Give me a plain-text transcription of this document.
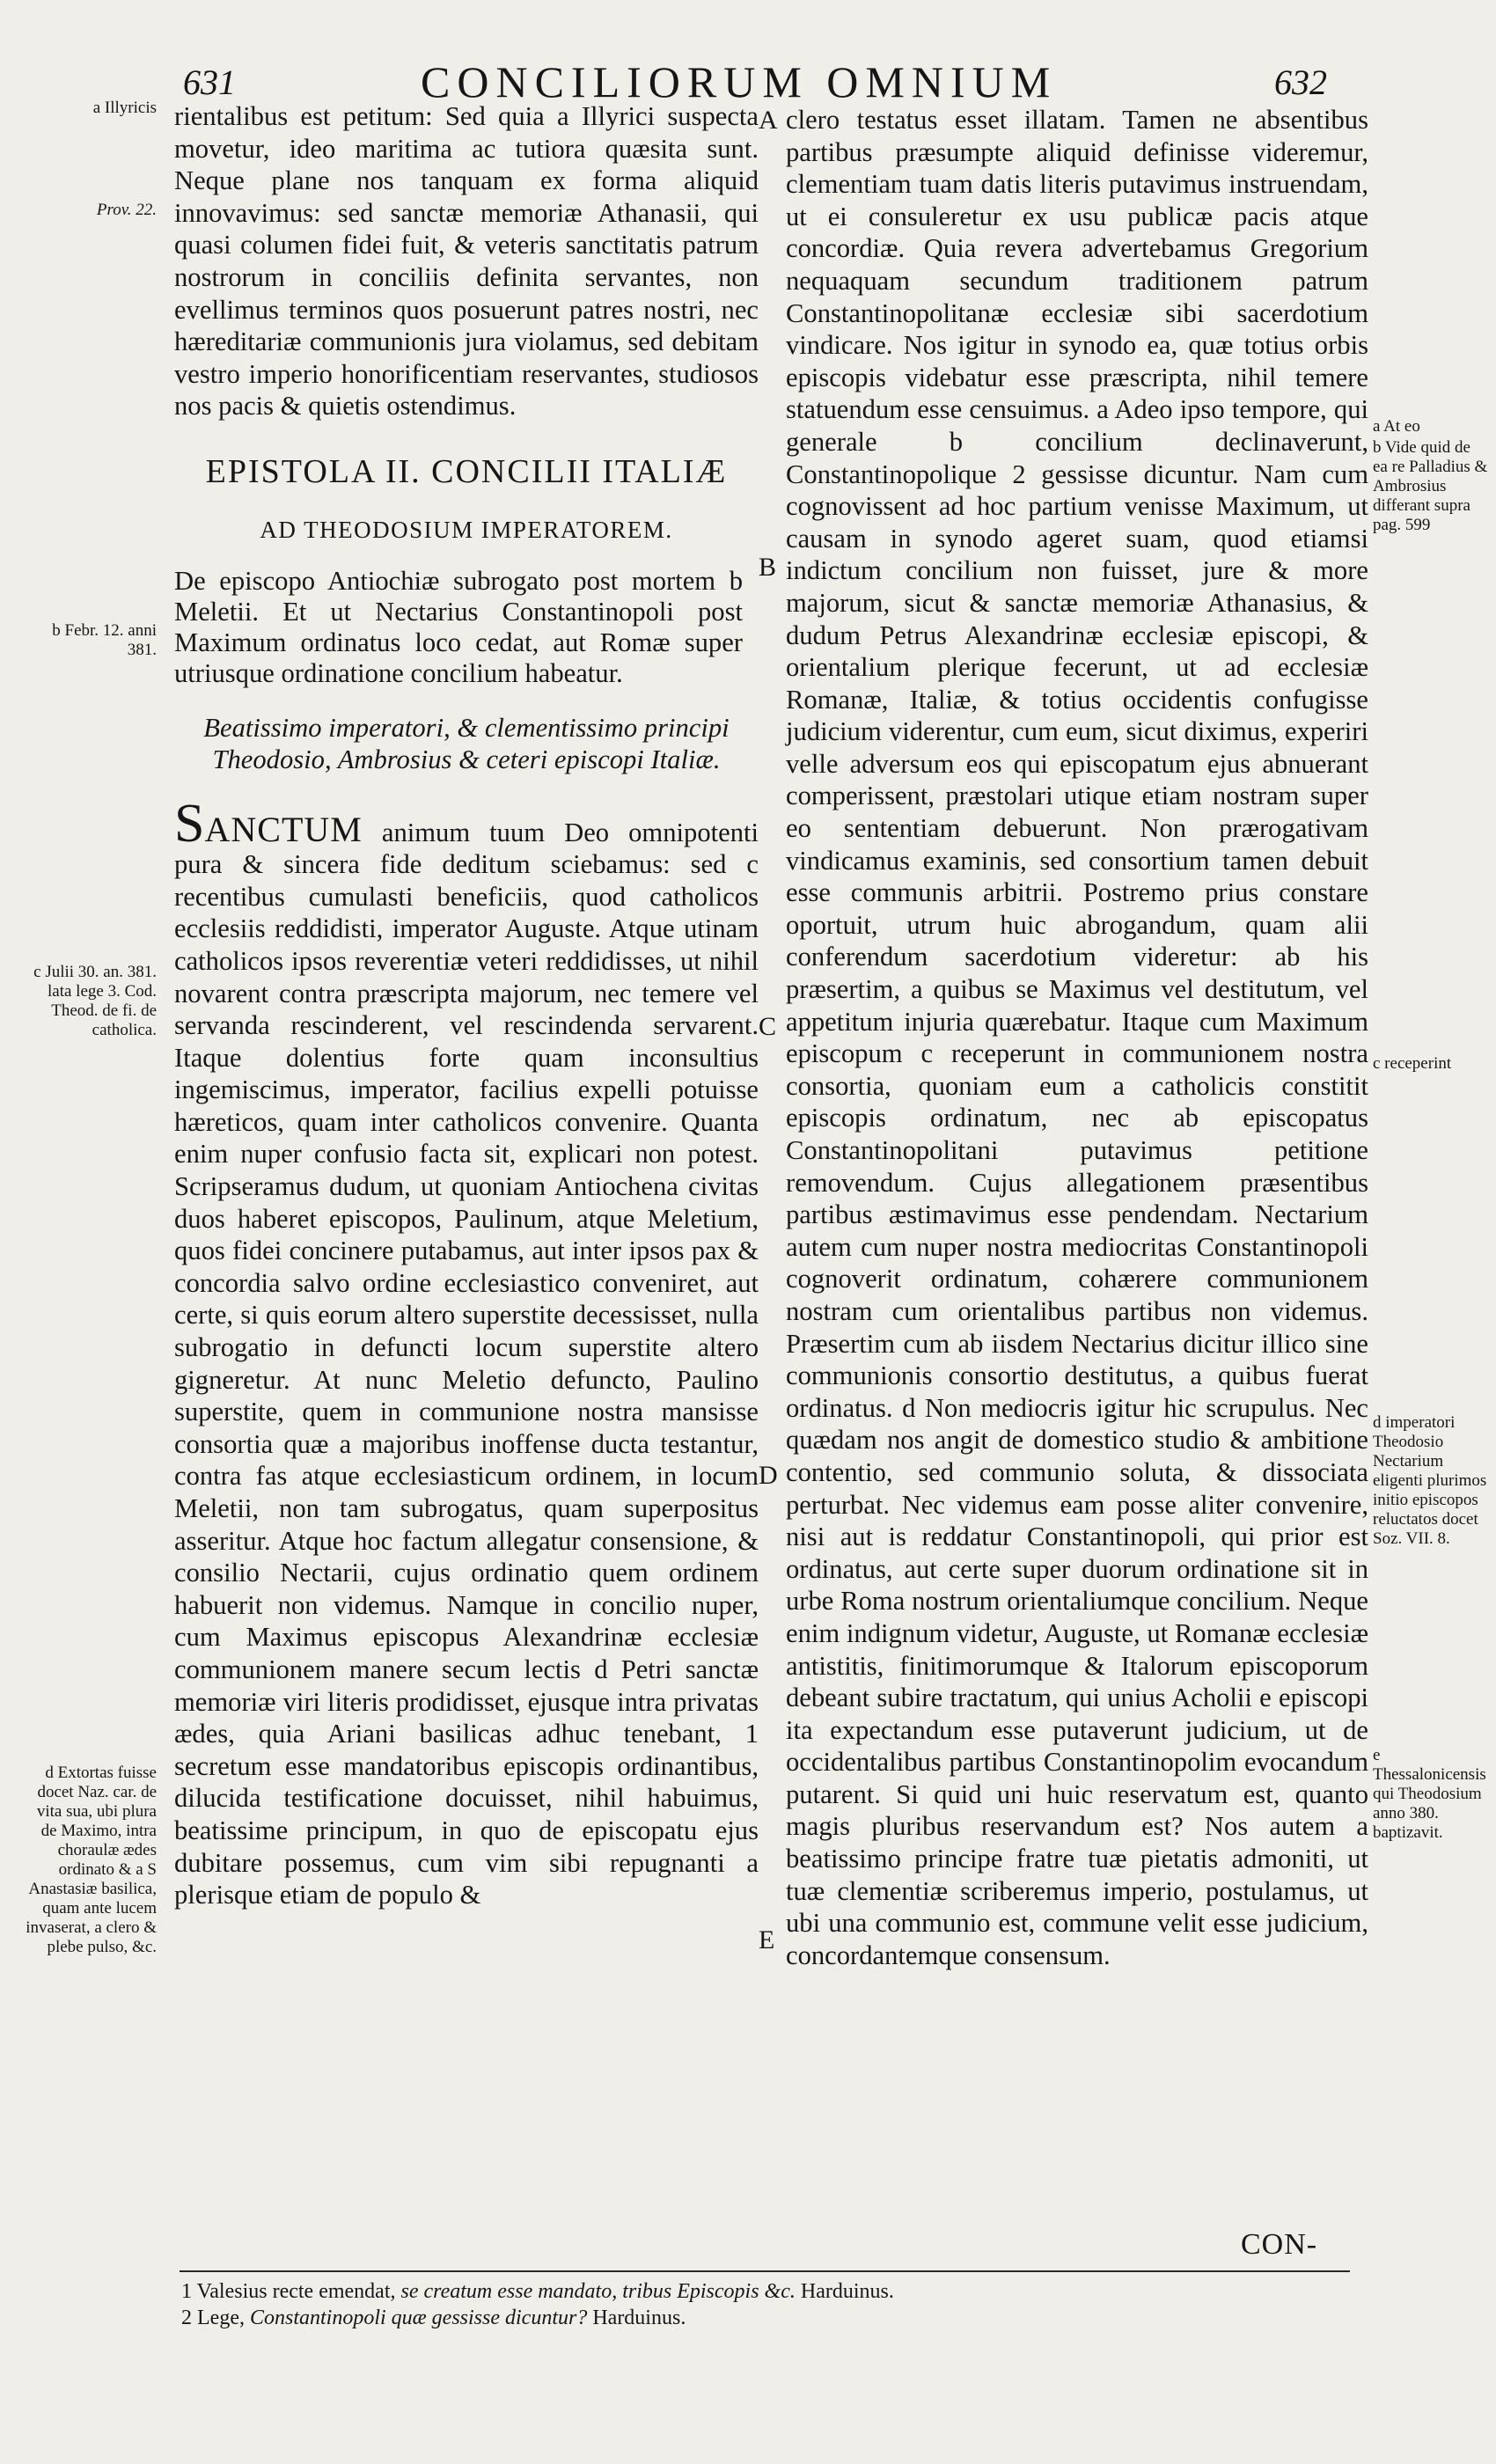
631	CONCILIORUM OMNIUM	632

rientalibus est petitum: Sed quia a Illyrici suspecta movetur, ideo maritima ac tutiora quæsita sunt. Neque plane nos tanquam ex forma aliquid innovavimus: sed sanctæ memoriæ Athanasii, qui quasi columen fidei fuit, & veteris sanctitatis patrum nostrorum in conciliis definita servantes, non evellimus terminos quos posuerunt patres nostri, nec hæreditariæ communionis jura violamus, sed debitam vestro imperio honorificentiam reservantes, studiosos nos pacis & quietis ostendimus.

EPISTOLA II. CONCILII ITALIÆ
AD THEODOSIUM IMPERATOREM.

De episcopo Antiochiæ subrogato post mortem b Meletii. Et ut Nectarius Constantinopoli post Maximum ordinatus loco cedat, aut Romæ super utriusque ordinatione concilium habeatur.

Beatissimo imperatori, & clementissimo principi Theodosio, Ambrosius & ceteri episcopi Italiæ.

SANCTUM animum tuum Deo omnipotenti pura & sincera fide deditum sciebamus: sed c recentibus cumulasti beneficiis, quod catholicos ecclesiis reddidisti, imperator Auguste. Atque utinam catholicos ipsos reverentiæ veteri reddidisses, ut nihil novarent contra præscripta majorum, nec temere vel servanda rescinderent, vel rescindenda servarent. Itaque dolentius forte quam inconsultius ingemiscimus, imperator, facilius expelli potuisse hæreticos, quam inter catholicos convenire. Quanta enim nuper confusio facta sit, explicari non potest. Scripseramus dudum, ut quoniam Antiochena civitas duos haberet episcopos, Paulinum, atque Meletium, quos fidei concinere putabamus, aut inter ipsos pax & concordia salvo ordine ecclesiastico conveniret, aut certe, si quis eorum altero superstite decessisset, nulla subrogatio in defuncti locum superstite altero gigneretur. At nunc Meletio defuncto, Paulino superstite, quem in communione nostra mansisse consortia quæ a majoribus inoffense ducta testantur, contra fas atque ecclesiasticum ordinem, in locum Meletii, non tam subrogatus, quam superpositus asseritur. Atque hoc factum allegatur consensione, & consilio Nectarii, cujus ordinatio quem ordinem habuerit non videmus. Namque in concilio nuper, cum Maximus episcopus Alexandrinæ ecclesiæ communionem manere secum lectis d Petri sanctæ memoriæ viri literis prodidisset, ejusque intra privatas ædes, quia Ariani basilicas adhuc tenebant, 1 secretum esse mandatoribus episcopis ordinantibus, dilucida testificatione docuisset, nihil habuimus, beatissime principum, in quo de episcopatu ejus dubitare possemus, cum vim sibi repugnanti a plerisque etiam de populo &

clero testatus esset illatam. Tamen ne absentibus partibus præsumpte aliquid definisse videremur, clementiam tuam datis literis putavimus instruendam, ut ei consuleretur ex usu publicæ pacis atque concordiæ. Quia revera advertebamus Gregorium nequaquam secundum traditionem patrum Constantinopolitanæ ecclesiæ sibi sacerdotium vindicare. Nos igitur in synodo ea, quæ totius orbis episcopis videbatur esse præscripta, nihil temere statuendum esse censuimus. a Adeo ipso tempore, qui generale b concilium declinaverunt, Constantinopolique 2 gessisse dicuntur. Nam cum cognovissent ad hoc partium venisse Maximum, ut causam in synodo ageret suam, quod etiamsi indictum concilium non fuisset, jure & more majorum, sicut & sanctæ memoriæ Athanasius, & dudum Petrus Alexandrinæ ecclesiæ episcopi, & orientalium plerique fecerunt, ut ad ecclesiæ Romanæ, Italiæ, & totius occidentis confugisse judicium viderentur, cum eum, sicut diximus, experiri velle adversum eos qui episcopatum ejus abnuerant comperissent, præstolari utique etiam nostram super eo sententiam debuerunt. Non prærogativam vindicamus examinis, sed consortium tamen debuit esse communis arbitrii. Postremo prius constare oportuit, utrum huic abrogandum, quam alii conferendum sacerdotium videretur: ab his præsertim, a quibus se Maximus vel destitutum, vel appetitum injuria quærebatur. Itaque cum Maximum episcopum c receperunt in communionem nostra consortia, quoniam eum a catholicis constitit episcopis ordinatum, nec ab episcopatus Constantinopolitani putavimus petitione removendum. Cujus allegationem præsentibus partibus æstimavimus esse pendendam. Nectarium autem cum nuper nostra mediocritas Constantinopoli cognoverit ordinatum, cohærere communionem nostram cum orientalibus partibus non videmus. Præsertim cum ab iisdem Nectarius dicitur illico sine communionis consortio destitutus, a quibus fuerat ordinatus. d Non mediocris igitur hic scrupulus. Nec quædam nos angit de domestico studio & ambitione contentio, sed communio soluta, & dissociata perturbat. Nec videmus eam posse aliter convenire, nisi aut is reddatur Constantinopoli, qui prior est ordinatus, aut certe super duorum ordinatione sit in urbe Roma nostrum orientaliumque concilium. Neque enim indignum videtur, Auguste, ut Romanæ ecclesiæ antistitis, finitimorumque & Italorum episcoporum debeant subire tractatum, qui unius Acholii e episcopi ita expectandum esse putaverunt judicium, ut de occidentalibus partibus Constantinopolim evocandum putarent. Si quid uni huic reservatum est, quanto magis pluribus reservandum est? Nos autem a beatissimo principe fratre tuæ pietatis admoniti, ut tuæ clementiæ scriberemus imperio, postulamus, ut ubi una communio est, commune velit esse judicium, concordantemque consensum.

A
B
C
D
E
a Illyricis
Prov. 22.
b Febr. 12. anni 381.
c Julii 30. an. 381. lata lege 3. Cod. Theod. de fi. de catholica.
d Extortas fuisse docet Naz. car. de vita sua, ubi plura de Maximo, intra choraulæ ædes ordinato & a S Anastasiæ basilica, quam ante lucem invaserat, a clero & plebe pulso, &c.
a At eo
b Vide quid de ea re Palladius & Ambrosius differant supra pag. 599
c receperint
d imperatori Theodosio Nectarium eligenti plurimos initio episcopos reluctatos docet Soz. VII. 8.
e Thessalonicensis qui Theodosium anno 380. baptizavit.
CON-
1 Valesius recte emendat, se creatum esse mandato, tribus Episcopis &c. Harduinus.
2 Lege, Constantinopoli quæ gessisse dicuntur? Harduinus.
